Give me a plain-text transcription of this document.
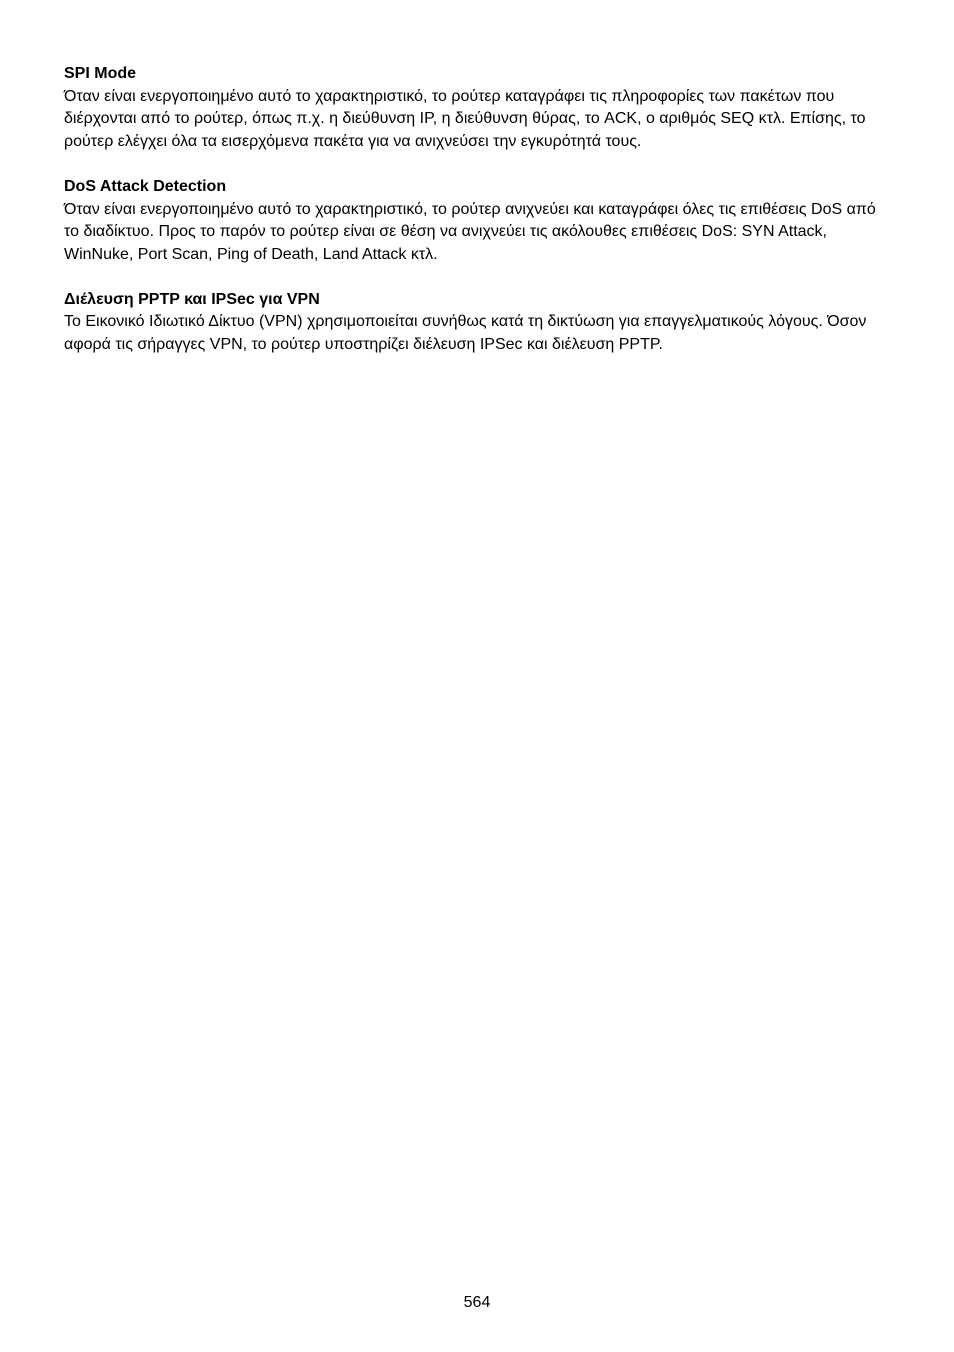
SPI Mode

Όταν είναι ενεργοποιημένο αυτό το χαρακτηριστικό, το ρούτερ καταγράφει τις πληροφορίες των πακέτων που διέρχονται από το ρούτερ, όπως π.χ. η διεύθυνση IP, η διεύθυνση θύρας, το ACK, ο αριθμός SEQ κτλ. Επίσης, το ρούτερ ελέγχει όλα τα εισερχόμενα πακέτα για να ανιχνεύσει την εγκυρότητά τους.

DoS Attack Detection

Όταν είναι ενεργοποιημένο αυτό το χαρακτηριστικό, το ρούτερ ανιχνεύει και καταγράφει όλες τις επιθέσεις DoS από το διαδίκτυο. Προς το παρόν το ρούτερ είναι σε θέση να ανιχνεύει τις ακόλουθες επιθέσεις DoS: SYN Attack, WinNuke, Port Scan, Ping of Death, Land Attack κτλ.

Διέλευση PPTP και IPSec για VPN

Το Εικονικό Ιδιωτικό Δίκτυο (VPN) χρησιμοποιείται συνήθως κατά τη δικτύωση για επαγγελματικούς λόγους. Όσον αφορά τις σήραγγες VPN, το ρούτερ υποστηρίζει διέλευση IPSec και διέλευση PPTP.

564
